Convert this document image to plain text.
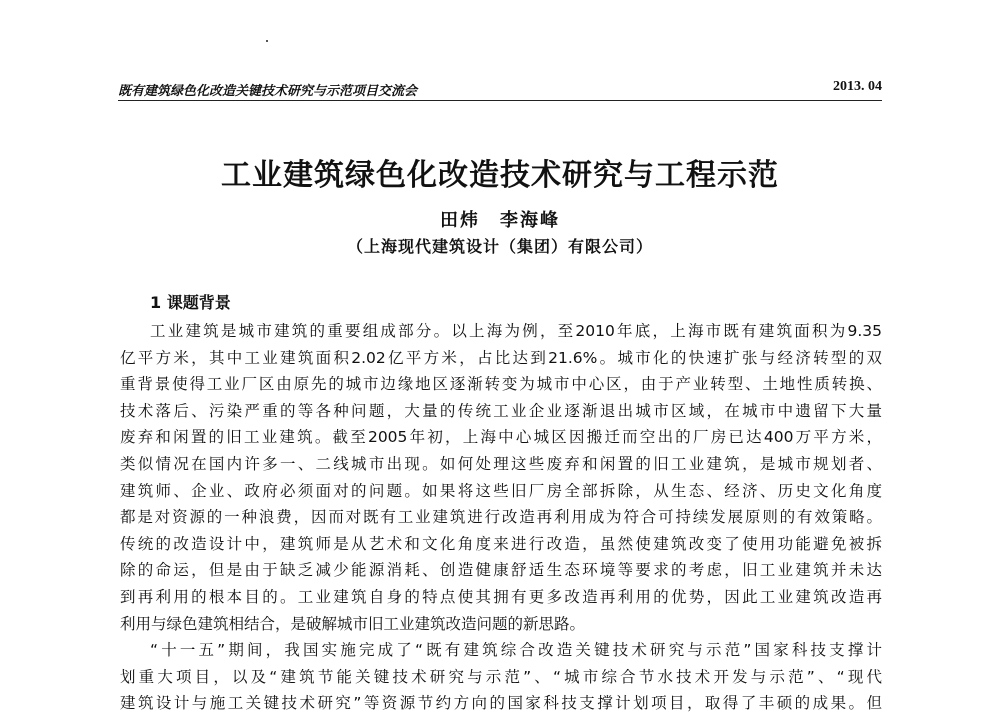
既有建筑绿色化改造关键技术研究与示范项目交流会	2013. 04
工业建筑绿色化改造技术研究与工程示范
田炜　李海峰
（上海现代建筑设计（集团）有限公司）
1 课题背景
工业建筑是城市建筑的重要组成部分。以上海为例，至2010年底，上海市既有建筑面积为9.35
亿平方米，其中工业建筑面积2.02亿平方米，占比达到21.6%。城市化的快速扩张与经济转型的双
重背景使得工业厂区由原先的城市边缘地区逐渐转变为城市中心区，由于产业转型、土地性质转换、
技术落后、污染严重的等各种问题，大量的传统工业企业逐渐退出城市区域，在城市中遗留下大量
废弃和闲置的旧工业建筑。截至2005年初，上海中心城区因搬迁而空出的厂房已达400万平方米，
类似情况在国内许多一、二线城市出现。如何处理这些废弃和闲置的旧工业建筑，是城市规划者、
建筑师、企业、政府必须面对的问题。如果将这些旧厂房全部拆除，从生态、经济、历史文化角度
都是对资源的一种浪费，因而对既有工业建筑进行改造再利用成为符合可持续发展原则的有效策略。
传统的改造设计中，建筑师是从艺术和文化角度来进行改造，虽然使建筑改变了使用功能避免被拆
除的命运，但是由于缺乏减少能源消耗、创造健康舒适生态环境等要求的考虑，旧工业建筑并未达
到再利用的根本目的。工业建筑自身的特点使其拥有更多改造再利用的优势，因此工业建筑改造再
利用与绿色建筑相结合，是破解城市旧工业建筑改造问题的新思路。
“十一五”期间，我国实施完成了“既有建筑综合改造关键技术研究与示范”国家科技支撑计
划重大项目，以及“建筑节能关键技术研究与示范”、“城市综合节水技术开发与示范”、“现代
建筑设计与施工关键技术研究”等资源节约方向的国家科技支撑计划项目，取得了丰硕的成果。但
